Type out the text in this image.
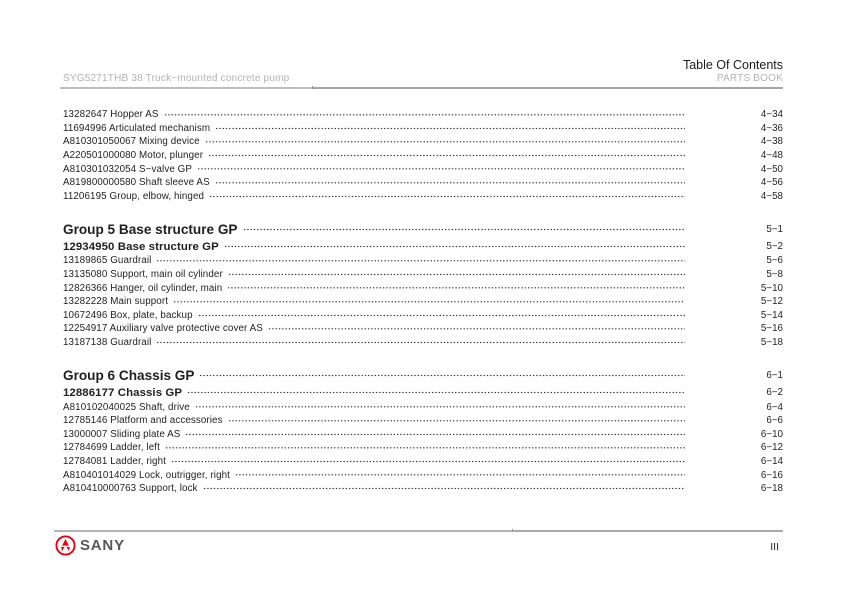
Table Of Contents
SYG5271THB 38 Truck−mounted concrete pump	PARTS BOOK
13282647 Hopper AS	4−34
11694996 Articulated mechanism	4−36
A810301050067 Mixing device	4−38
A220501000080 Motor, plunger	4−48
A810301032054 S−valve GP	4−50
A819800000580 Shaft sleeve AS	4−56
11206195 Group, elbow, hinged	4−58
Group 5 Base structure GP	5−1
12934950 Base structure GP	5−2
13189865 Guardrail	5−6
13135080 Support, main oil cylinder	5−8
12826366 Hanger, oil cylinder, main	5−10
13282228 Main support	5−12
10672496 Box, plate, backup	5−14
12254917 Auxiliary valve protective cover AS	5−16
13187138 Guardrail	5−18
Group 6 Chassis GP	6−1
12886177 Chassis GP	6−2
A810102040025 Shaft, drive	6−4
12785146 Platform and accessories	6−6
13000007 Sliding plate AS	6−10
12784699 Ladder, left	6−12
12784081 Ladder, right	6−14
A810401014029 Lock, outrigger, right	6−16
A810410000763 Support, lock	6−18
SANY	III
